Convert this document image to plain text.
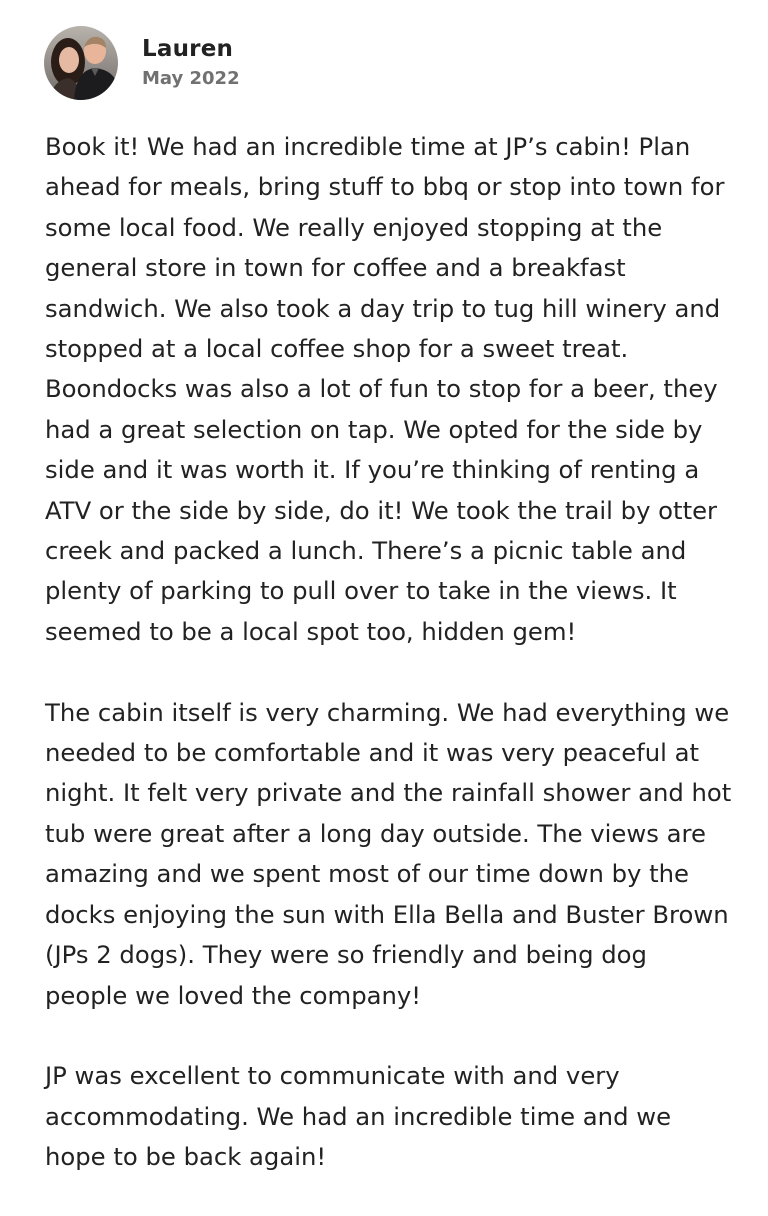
Lauren
May 2022

Book it! We had an incredible time at JP’s cabin! Plan ahead for meals, bring stuff to bbq or stop into town for some local food. We really enjoyed stopping at the general store in town for coffee and a breakfast sandwich. We also took a day trip to tug hill winery and stopped at a local coffee shop for a sweet treat. Boondocks was also a lot of fun to stop for a beer, they had a great selection on tap. We opted for the side by side and it was worth it. If you’re thinking of renting a ATV or the side by side, do it! We took the trail by otter creek and packed a lunch. There’s a picnic table and plenty of parking to pull over to take in the views. It seemed to be a local spot too, hidden gem!

The cabin itself is very charming. We had everything we needed to be comfortable and it was very peaceful at night. It felt very private and the rainfall shower and hot tub were great after a long day outside. The views are amazing and we spent most of our time down by the docks enjoying the sun with Ella Bella and Buster Brown (JPs 2 dogs). They were so friendly and being dog people we loved the company!

JP was excellent to communicate with and very accommodating. We had an incredible time and we hope to be back again!
